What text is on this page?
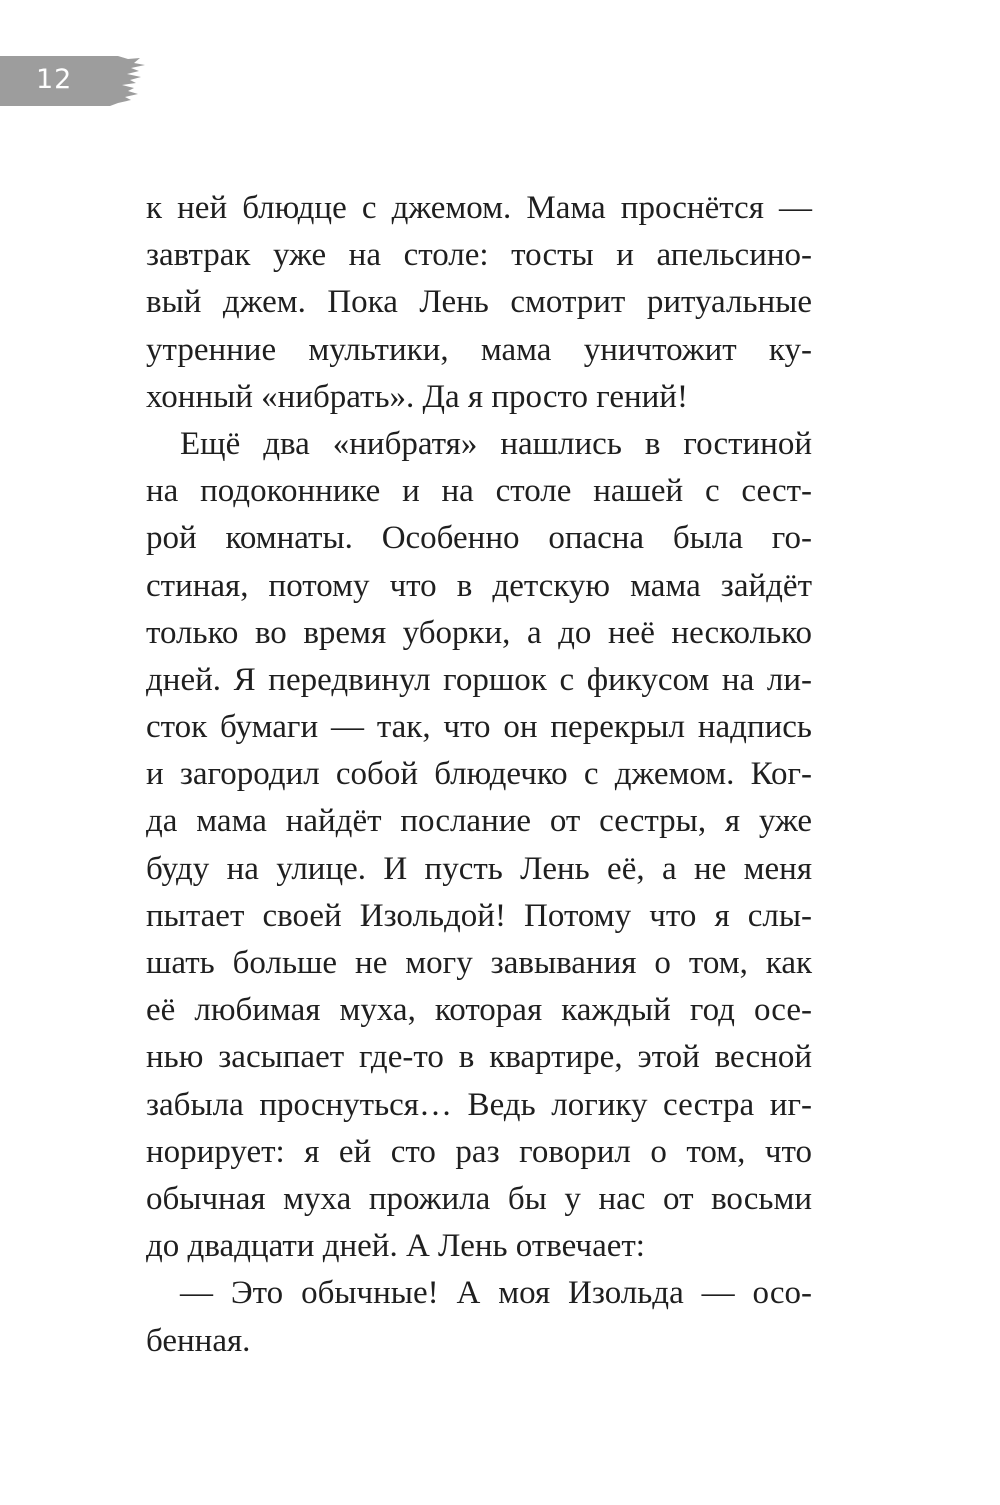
12
к ней блюдце с джемом. Мама проснётся —
завтрак уже на столе: тосты и апельсино-
вый джем. Пока Лень смотрит ритуальные
утренние мультики, мама уничтожит ку-
хонный «нибрать». Да я просто гений!
Ещё два «нибратя» нашлись в гостиной
на подоконнике и на столе нашей с сест-
рой комнаты. Особенно опасна была го-
стиная, потому что в детскую мама зайдёт
только во время уборки, а до неё несколько
дней. Я передвинул горшок с фикусом на ли-
сток бумаги — так, что он перекрыл надпись
и загородил собой блюдечко с джемом. Ког-
да мама найдёт послание от сестры, я уже
буду на улице. И пусть Лень её, а не меня
пытает своей Изольдой! Потому что я слы-
шать больше не могу завывания о том, как
её любимая муха, которая каждый год осе-
нью засыпает где-то в квартире, этой весной
забыла проснуться… Ведь логику сестра иг-
норирует: я ей сто раз говорил о том, что
обычная муха прожила бы у нас от восьми
до двадцати дней. А Лень отвечает:
— Это обычные! А моя Изольда — осо-
бенная.
